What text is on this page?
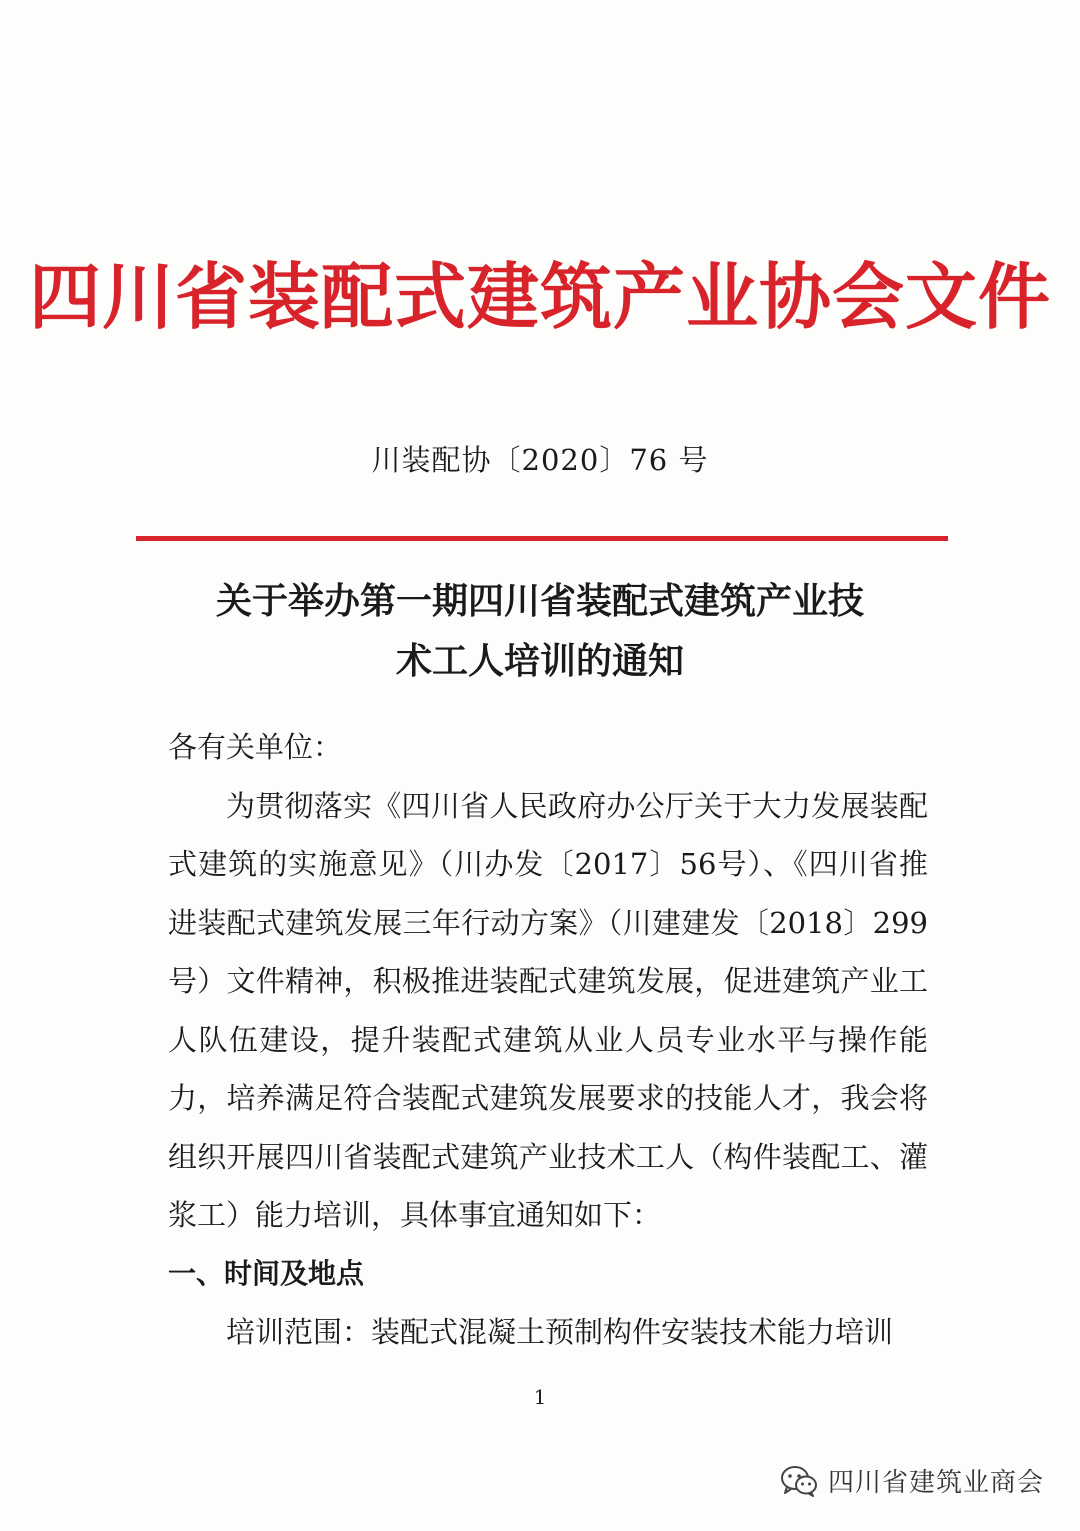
四川省装配式建筑产业协会文件
川装配协〔2020〕76 号
关于举办第一期四川省装配式建筑产业技
术工人培训的通知

各有关单位：

为贯彻落实《四川省人民政府办公厅关于大力发展装配式建筑的实施意见》（川办发〔2017〕56号）、《四川省推进装配式建筑发展三年行动方案》（川建建发〔2018〕299号）文件精神，积极推进装配式建筑发展，促进建筑产业工人队伍建设，提升装配式建筑从业人员专业水平与操作能力，培养满足符合装配式建筑发展要求的技能人才，我会将组织开展四川省装配式建筑产业技术工人（构件装配工、灌浆工）能力培训，具体事宜通知如下：

一、时间及地点

培训范围：装配式混凝土预制构件安装技术能力培训

1
四川省建筑业商会
